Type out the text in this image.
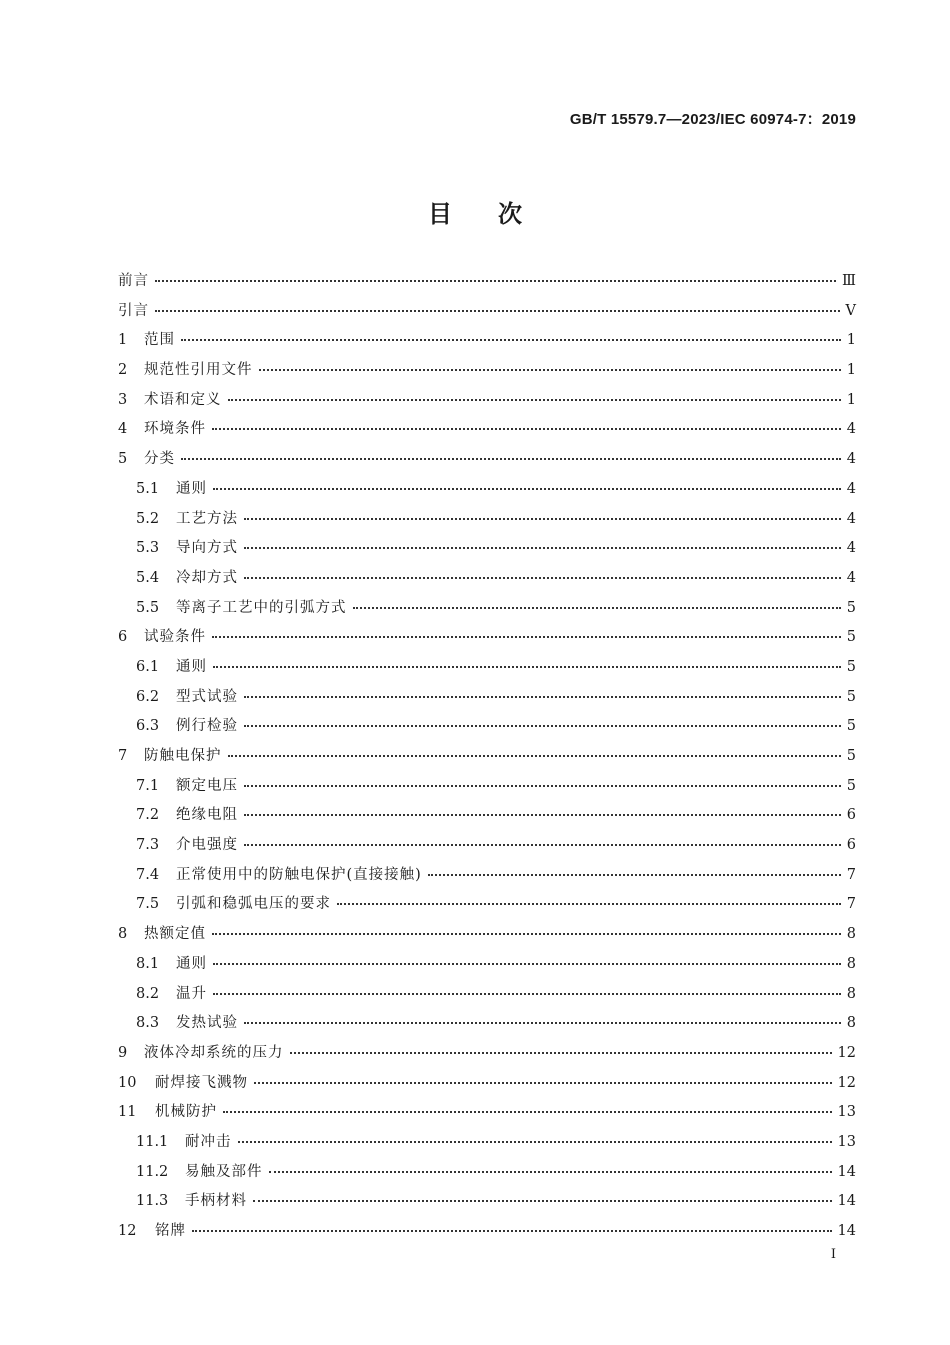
GB/T 15579.7—2023/IEC 60974-7：2019
目次
前言	Ⅲ
引言	Ⅴ
1	范围	1
2	规范性引用文件	1
3	术语和定义	1
4	环境条件	4
5	分类	4
5.1	通则	4
5.2	工艺方法	4
5.3	导向方式	4
5.4	冷却方式	4
5.5	等离子工艺中的引弧方式	5
6	试验条件	5
6.1	通则	5
6.2	型式试验	5
6.3	例行检验	5
7	防触电保护	5
7.1	额定电压	5
7.2	绝缘电阻	6
7.3	介电强度	6
7.4	正常使用中的防触电保护(直接接触)	7
7.5	引弧和稳弧电压的要求	7
8	热额定值	8
8.1	通则	8
8.2	温升	8
8.3	发热试验	8
9	液体冷却系统的压力	12
10	耐焊接飞溅物	12
11	机械防护	13
11.1	耐冲击	13
11.2	易触及部件	14
11.3	手柄材料	14
12	铭牌	14
I
